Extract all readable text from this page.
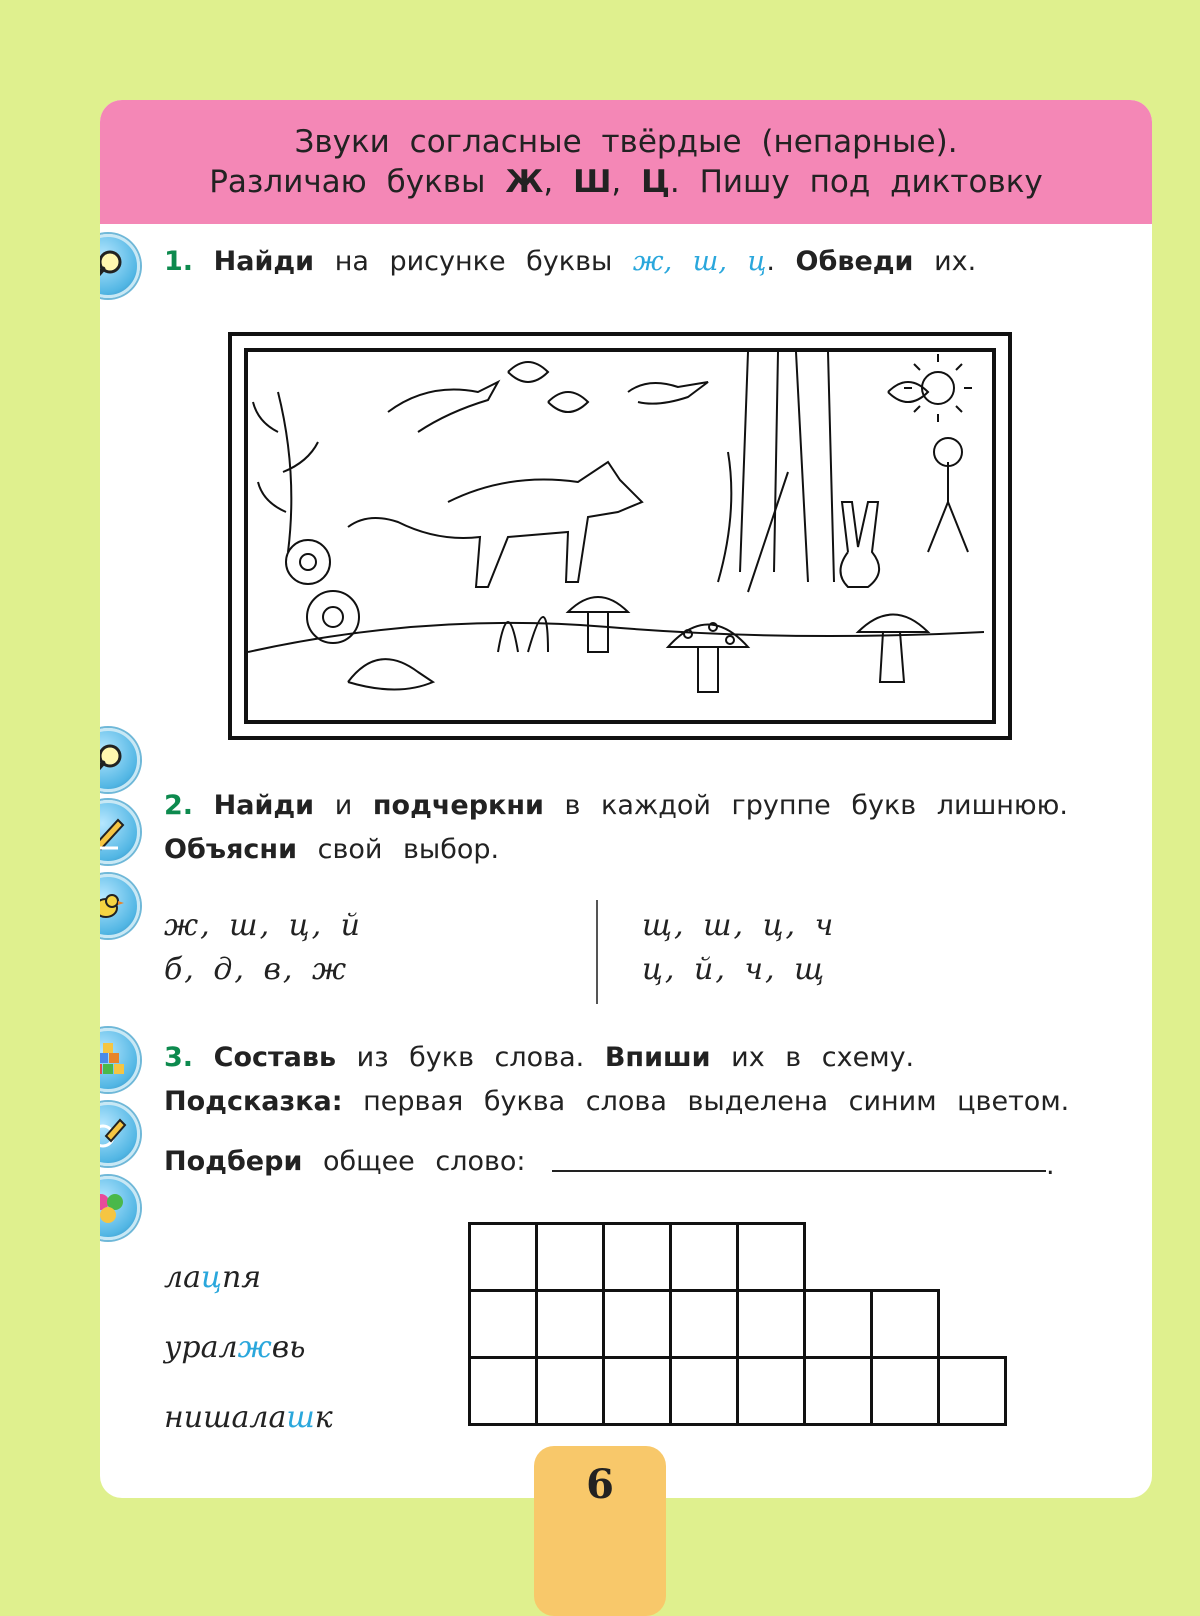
Звуки согласные твёрдые (непарные).
Различаю буквы Ж, Ш, Ц. Пишу под диктовку
1. Найди на рисунке буквы ж, ш, ц. Обведи их.
2. Найди и подчеркни в каждой группе букв лишнюю.
Объясни свой выбор.
ж, ш, ц, й
б, д, в, ж
щ, ш, ц, ч
ц, й, ч, щ
3. Составь из букв слова. Впиши их в схему.
Подсказка: первая буква слова выделена синим цветом.
Подбери общее слово:	.
лацпя
уралжвь
нишалашк
6
